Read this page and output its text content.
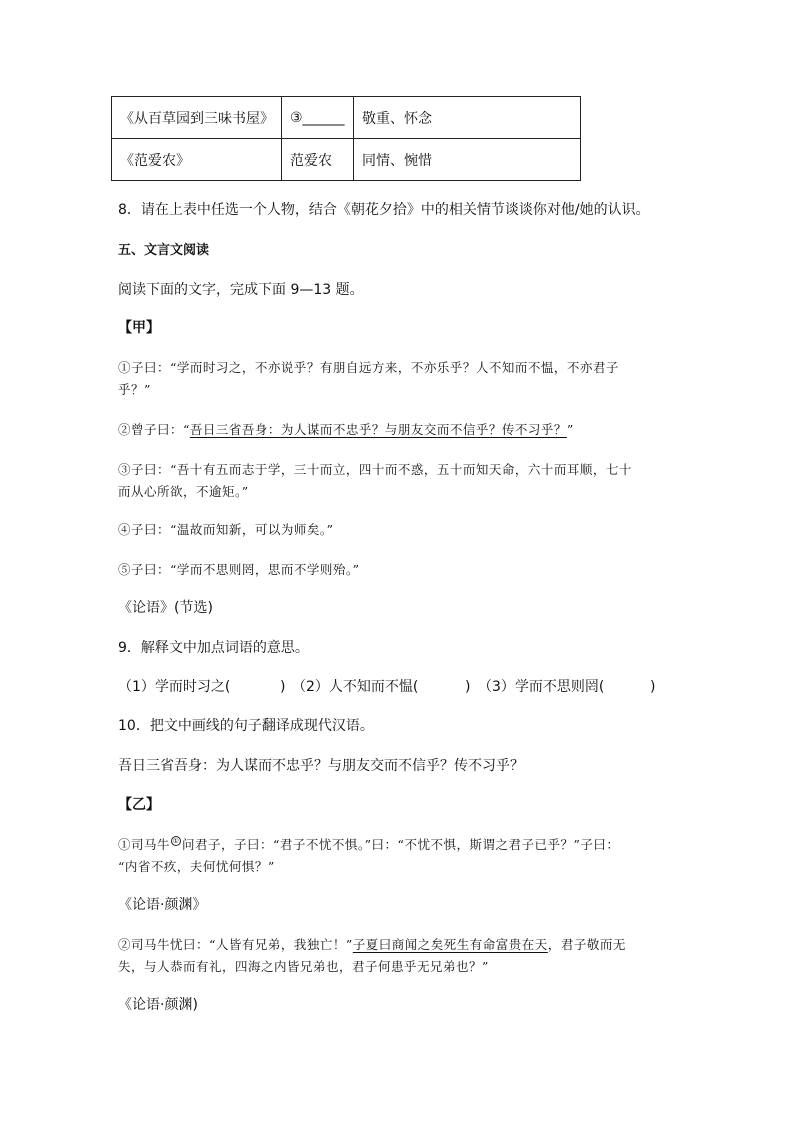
《从百草园到三味书屋》	③______	敬重、怀念
《范爱农》	范爱农	同情、惋惜
8．请在上表中任选一个人物，结合《朝花夕拾》中的相关情节谈谈你对他/她的认识。
五、文言文阅读
阅读下面的文字，完成下面 9—13 题。
【甲】
①子曰：“学而时习之，不亦说乎？有朋自远方来，不亦乐乎？人不知而不愠，不亦君子
乎？”
②曾子曰：“吾日三省吾身：为人谋而不忠乎？与朋友交而不信乎？传不习乎？”
③子曰：“吾十有五而志于学，三十而立，四十而不惑，五十而知天命，六十而耳顺，七十
而从心所欲，不逾矩。”
④子曰：“温故而知新，可以为师矣。”
⑤子曰：“学而不思则罔，思而不学则殆。”
《论语》(节选)
9．解释文中加点词语的意思。
（1）学而时习之(	) （2）人不知而不愠(	) （3）学而不思则罔(	)
10．把文中画线的句子翻译成现代汉语。
吾日三省吾身：为人谋而不忠乎？与朋友交而不信乎？传不习乎？
【乙】
①司马牛 ① 问君子，子曰：“君子不忧不惧。”曰：“不忧不惧，斯谓之君子已乎？”子曰：
“内省不疚，夫何忧何惧？”
《论语·颜渊》
②司马牛忧曰：“人皆有兄弟，我独亡！”子夏曰商闻之矣死生有命富贵在天，君子敬而无
失，与人恭而有礼，四海之内皆兄弟也，君子何患乎无兄弟也？”
《论语·颜渊)
